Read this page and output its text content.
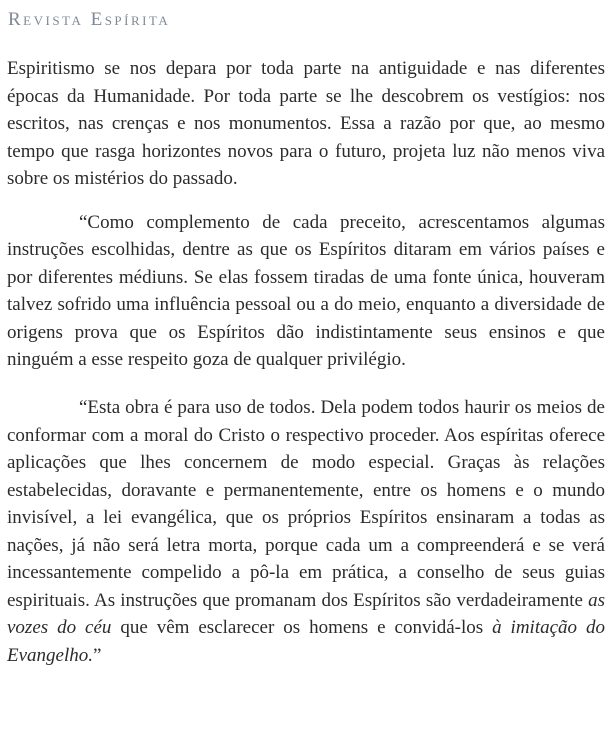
Revista Espírita

Espiritismo se nos depara por toda parte na antiguidade e nas diferentes épocas da Humanidade. Por toda parte se lhe descobrem os vestígios: nos escritos, nas crenças e nos monumentos. Essa a razão por que, ao mesmo tempo que rasga horizontes novos para o futuro, projeta luz não menos viva sobre os mistérios do passado.

“Como complemento de cada preceito, acrescentamos algumas instruções escolhidas, dentre as que os Espíritos ditaram em vários países e por diferentes médiuns. Se elas fossem tiradas de uma fonte única, houveram talvez sofrido uma influência pessoal ou a do meio, enquanto a diversidade de origens prova que os Espíritos dão indistintamente seus ensinos e que ninguém a esse respeito goza de qualquer privilégio.

“Esta obra é para uso de todos. Dela podem todos haurir os meios de conformar com a moral do Cristo o respectivo proceder. Aos espíritas oferece aplicações que lhes concernem de modo especial. Graças às relações estabelecidas, doravante e permanentemente, entre os homens e o mundo invisível, a lei evangélica, que os próprios Espíritos ensinaram a todas as nações, já não será letra morta, porque cada um a compreenderá e se verá incessantemente compelido a pô-la em prática, a conselho de seus guias espirituais. As instruções que promanam dos Espíritos são verdadeiramente as vozes do céu que vêm esclarecer os homens e convidá-los à imitação do Evangelho.”
